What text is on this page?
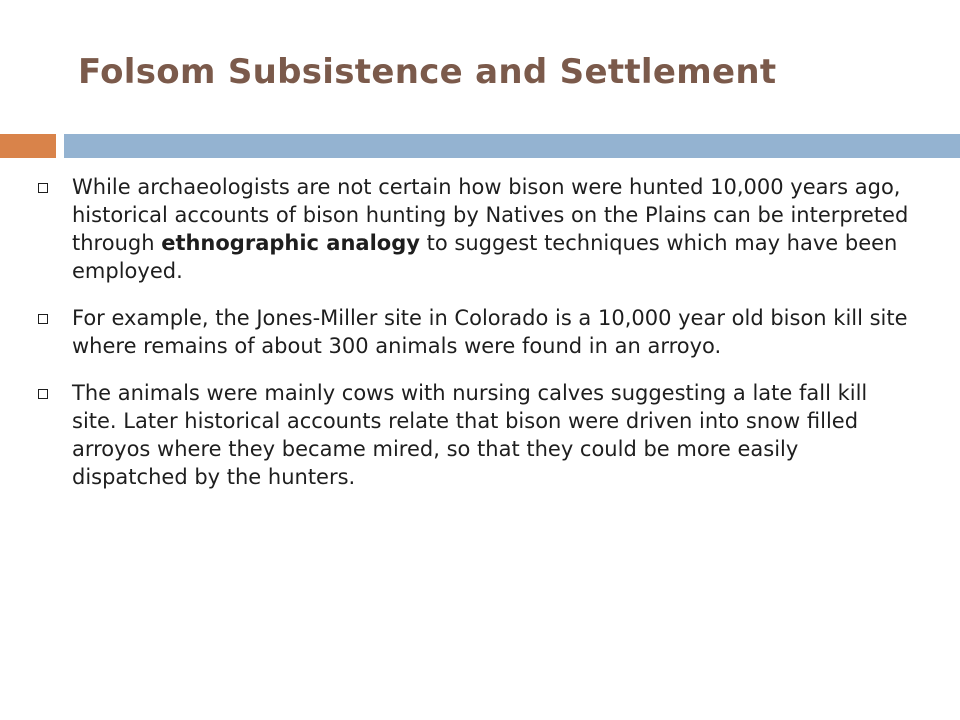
Folsom Subsistence and Settlement
While archaeologists are not certain how bison were hunted 10,000 years ago, historical accounts of bison hunting by Natives on the Plains can be interpreted through ethnographic analogy to suggest techniques which may have been employed.
For example, the Jones-Miller site in Colorado is a 10,000 year old bison kill site where remains of about 300 animals were found in an arroyo.
The animals were mainly cows with nursing calves suggesting a late fall kill site. Later historical accounts relate that bison were driven into snow filled arroyos where they became mired, so that they could be more easily dispatched by the hunters.
